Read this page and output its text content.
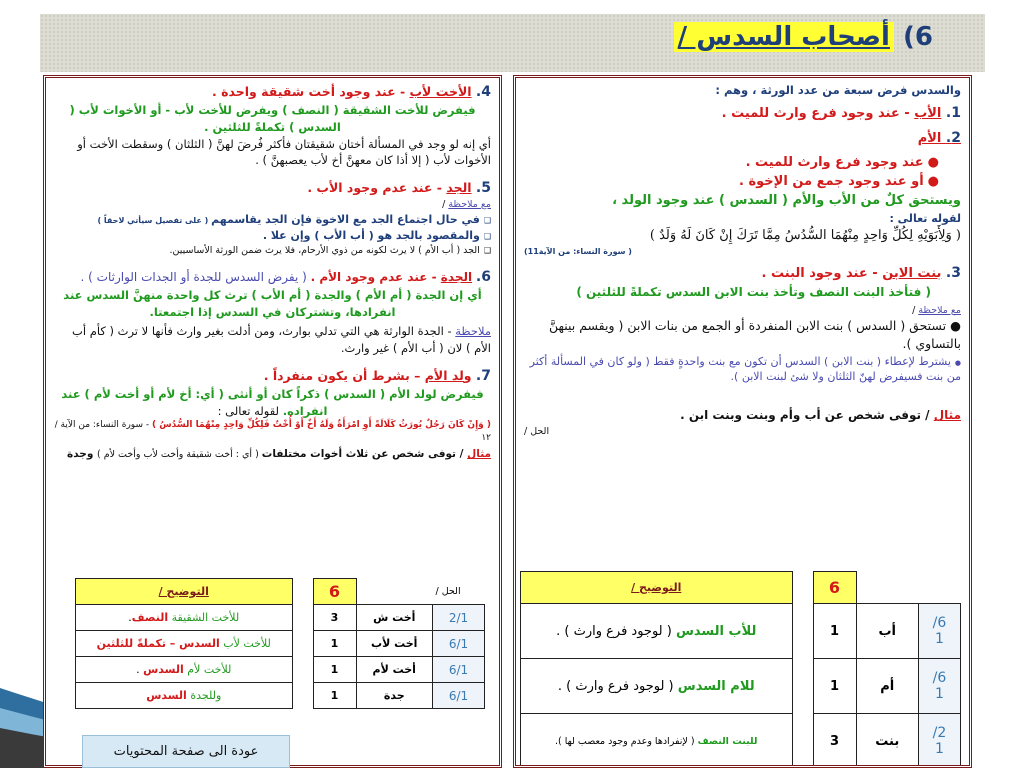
6) أصحاب السدس /

والسدس فرض سبعة من عدد الورثة ، وهم :

1. الأب - عند وجود فرع وارث للميت .

2. الأم

●عند وجود فرع وارث للميت .

●أو عند وجود جمع من الإخوة .

ويستحق كلٌ من الأب والأم ( السدس ) عند وجود الولد ،

لقوله تعالى :

( وَلِأَبَوَيْهِ لِكُلِّ وَاحِدٍ مِنْهُمَا السُّدُسُ مِمَّا تَرَكَ إِنْ كَانَ لَهُ وَلَدٌ )

( سورة النساء: من الآية11)

3. بنت الابن - عند وجود البنت .

( فتأخذ البنت النصف وتأخذ بنت الابن السدس تكملةً للثلثين )

مع ملاحظة /

●تستحق ( السدس ) بنت الابن المنفردة أو الجمع من بنات الابن ( ويقسم بينهنَّ بالتساوي ).

●يشترط لإعطاء ( بنت الابن ) السدس أن تكون مع بنت واحدةٍ فقط ( ولو كان في المسألة أكثر من بنت فسيفرض لهنّ الثلثان ولا شئ لبنت الابن ).

مثال / توفى شخص عن أب وأم وبنت وبنت ابن .

الحل /

		6		التوضيح /
6/
1	أب	1		للأب السدس ( لوجود فرع وارث ) .
6/
1	أم	1		للام السدس ( لوجود فرع وارث ) .
2/
1	بنت	3		للبنت النصف ( لإنفرادها وعدم وجود معصب لها ).

4. الأخت لأب - عند وجود أخت شقيقة واحدة .

فيفرض للأخت الشقيقة ( النصف ) ويفرض للأخت لأب - أو الأخوات لأب ( السدس ) تكملةً للثلثين .

أي إنه لو وجد في المسألة أختان شقيقتان فأكثر فُرضَ لهنَّ ( الثلثان ) وسقطت الأخت أو الأخوات لأب ( إلا أذا كان معهنَّ أخ لأب يعصبهنَّ ) .

5. الجد - عند عدم وجود الأب .

مع ملاحظة /

❑في حال اجتماع الجد مع الاخوة فإن الجد يقاسمهم ( على تفصيل سيأتي لاحقاً )

❑والمقصود بالجد هو ( أب الأب ) وإن علا .

❑الجد ( أب الأم ) لا يرث لكونه من ذوي الأرحام، فلا يرث ضمن الورثة الأساسيين.

6. الجدة - عند عدم وجود الأم . ( يفرض السدس للجدة أو الجدات الوارثات ) .

أي إن الجدة ( أم الأم ) والجدة ( أم الأب ) ترث كل واحدة منهنَّ السدس عند انفرادها، وتشتركان في السدس إذا اجتمعتا.

ملاحظة - الجدة الوارثة هي التي تدلي بوارث، ومن أدلت بغير وارث فأنها لا ترث ( كأم أب الأم ) لان ( أب الأم ) غير وارث.

7. ولد الأم – بشرط أن يكون منفرداً .

فيفرض لولد الأم ( السدس ) ذكراً كان أو أنثى ( أي: أخ لأم أو أخت لأم ) عند انفراده. لقوله تعالى :

( وَإِنْ كَانَ رَجُلٌ يُورَثُ كَلَالَةً أَوِ امْرَأَةٌ وَلَهُ أَخٌ أَوْ أُخْتٌ فَلِكُلِّ وَاحِدٍ مِنْهُمَا السُّدُسُ ) - سورة النساء: من الآية / ١٢

مثال / توفى شخص عن ثلاث أخوات مختلفات ( أي : أخت شقيقة وأخت لأب وأخت لأم ) وجدة

الحل /		6		التوضيح /
2/1	أخت ش	3		للأخت الشقيقة النصف.
6/1	أخت لأب	1		للأخت لأب السدس – تكملةً للثلثين
6/1	أخت لأم	1		للأخت لأم السدس .
6/1	جدة	1		وللجدة السدس
عودة الى صفحة المحتويات
